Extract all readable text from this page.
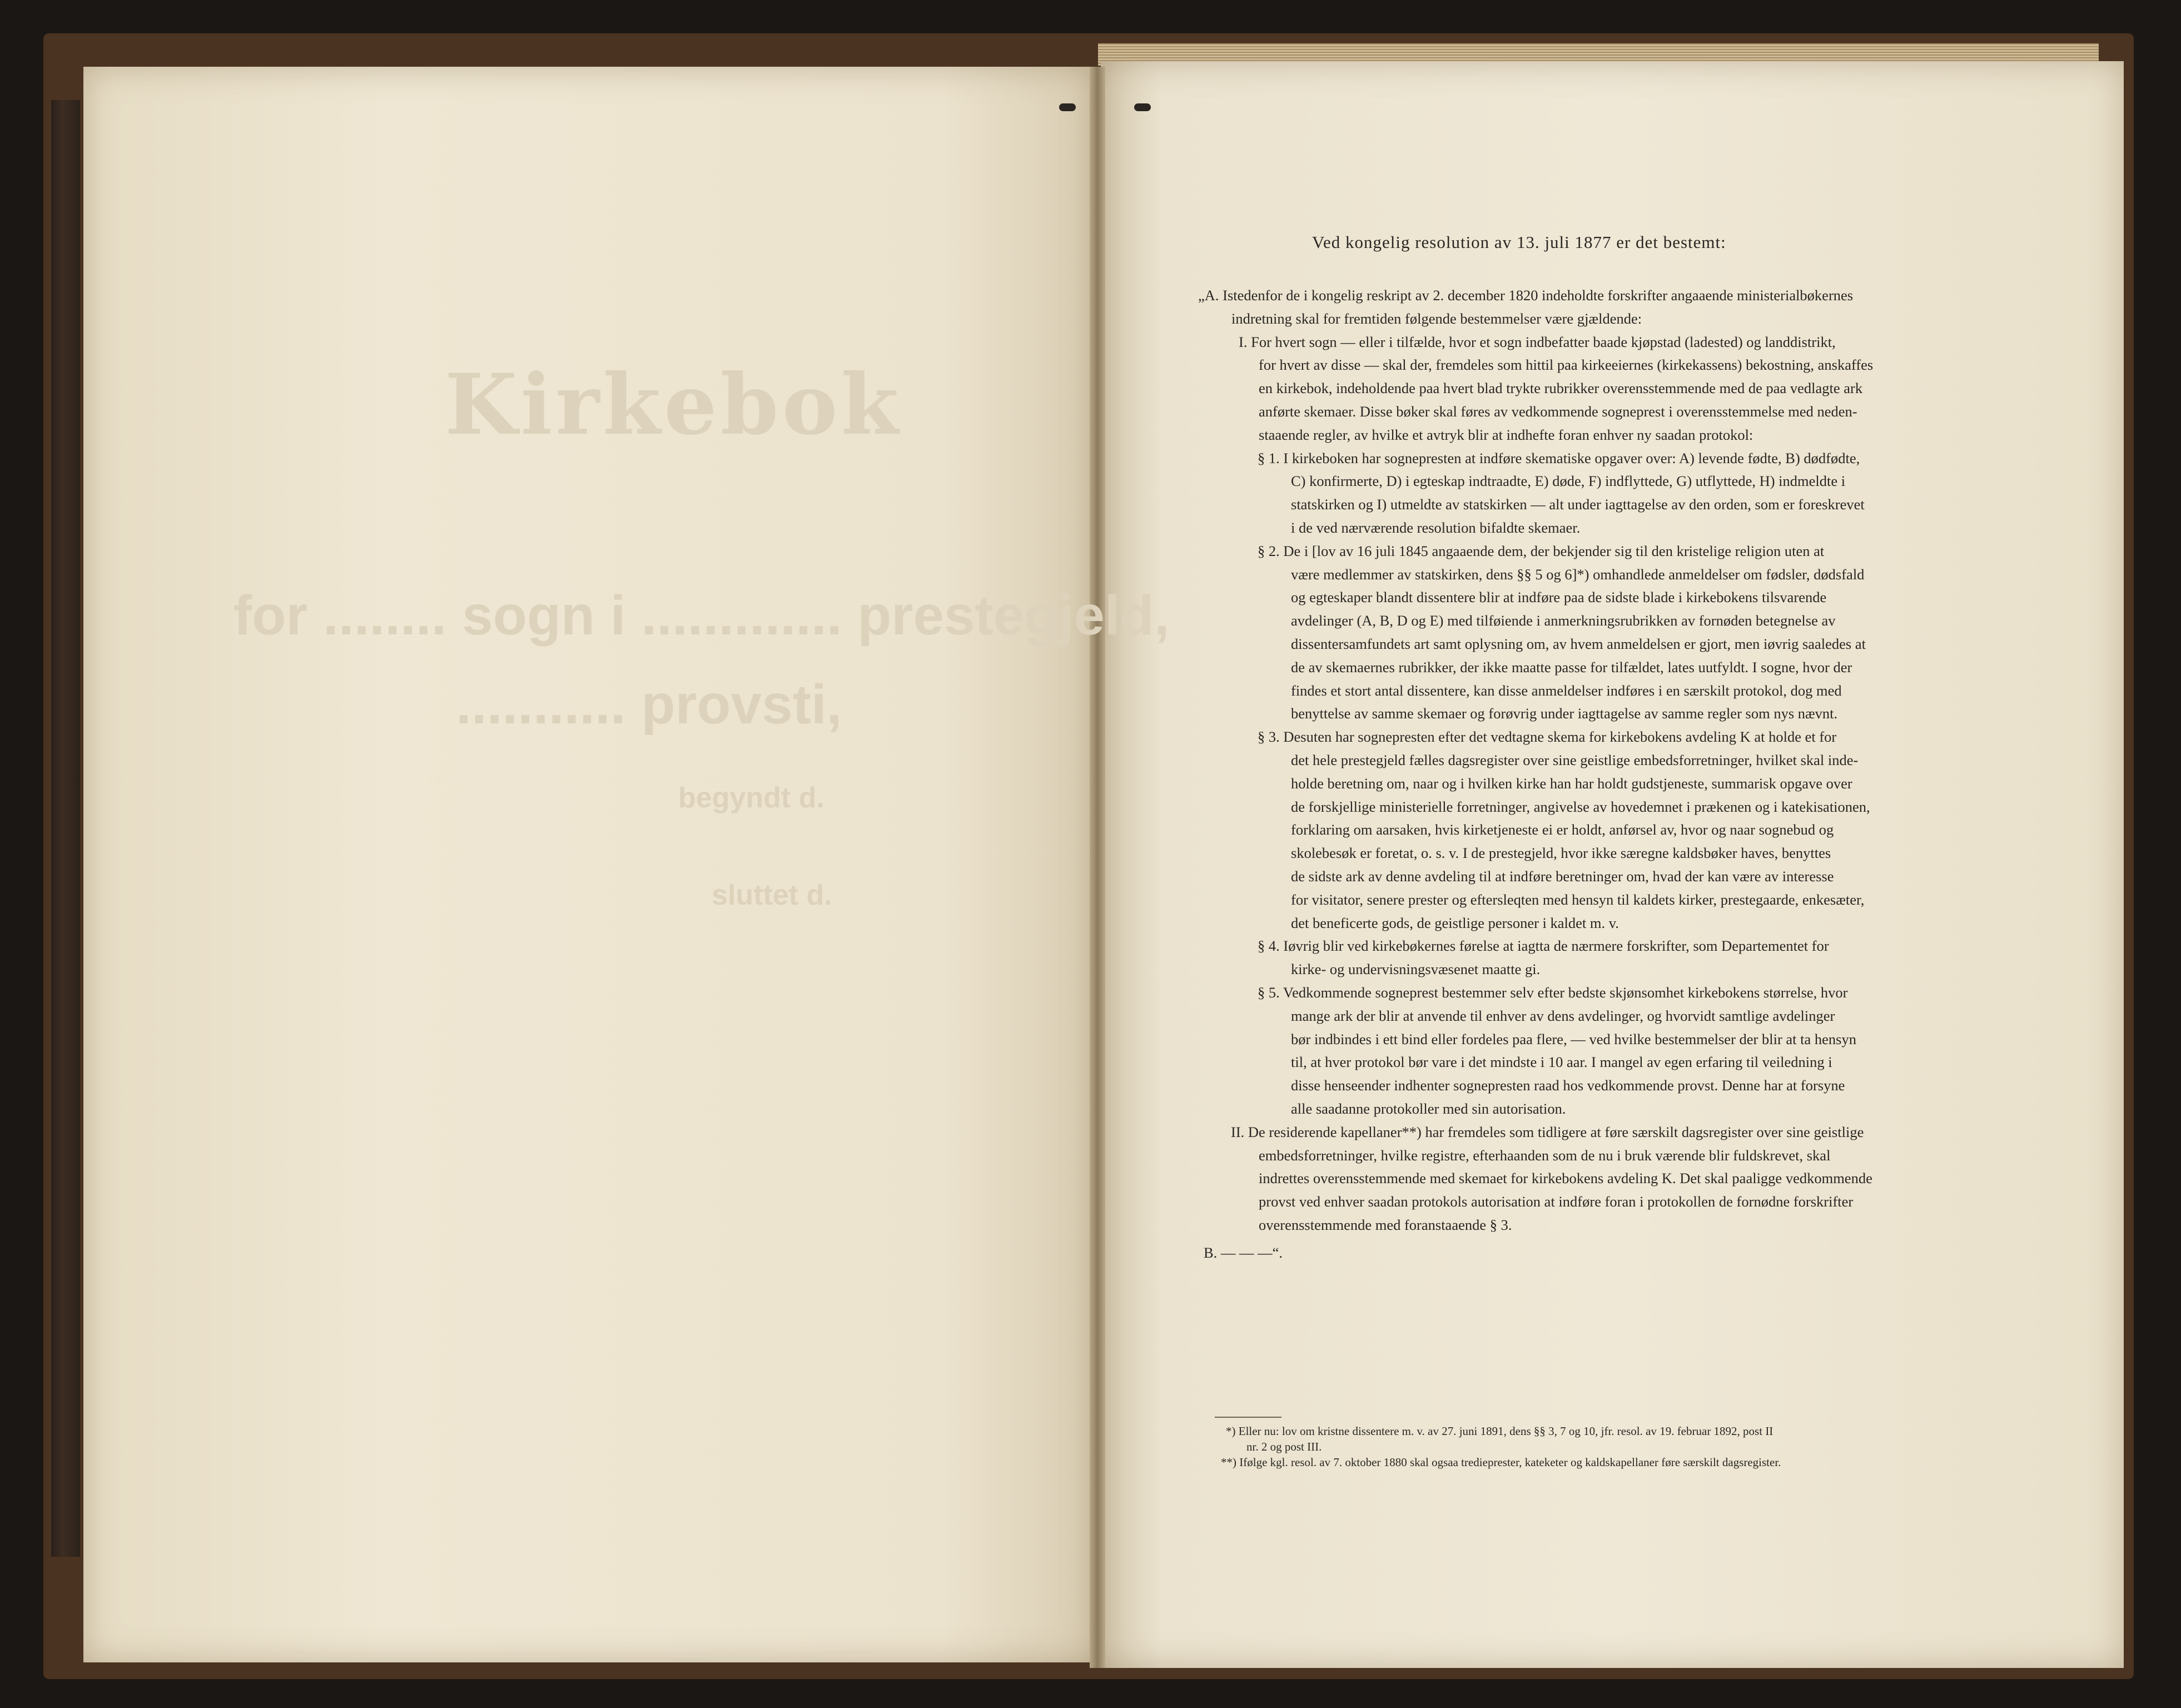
Kirkebok
for ........ sogn i ............. prestegjeld,
........... provsti,
begyndt d.
sluttet d.
Ved kongelig resolution av 13. juli 1877 er det bestemt:
„A. Istedenfor de i kongelig reskript av 2. december 1820 indeholdte forskrifter angaaende ministerialbøkernes
indretning skal for fremtiden følgende bestemmelser være gjældende:
I. For hvert sogn — eller i tilfælde, hvor et sogn indbefatter baade kjøpstad (ladested) og landdistrikt,
for hvert av disse — skal der, fremdeles som hittil paa kirkeeiernes (kirkekassens) bekostning, anskaffes
en kirkebok, indeholdende paa hvert blad trykte rubrikker overensstemmende med de paa vedlagte ark
anførte skemaer. Disse bøker skal føres av vedkommende sogneprest i overensstemmelse med neden-
staaende regler, av hvilke et avtryk blir at indhefte foran enhver ny saadan protokol:
§ 1. I kirkeboken har sognepresten at indføre skematiske opgaver over: A) levende fødte, B) dødfødte,
C) konfirmerte, D) i egteskap indtraadte, E) døde, F) indflyttede, G) utflyttede, H) indmeldte i
statskirken og I) utmeldte av statskirken — alt under iagttagelse av den orden, som er foreskrevet
i de ved nærværende resolution bifaldte skemaer.
§ 2. De i [lov av 16 juli 1845 angaaende dem, der bekjender sig til den kristelige religion uten at
være medlemmer av statskirken, dens §§ 5 og 6]*) omhandlede anmeldelser om fødsler, dødsfald
og egteskaper blandt dissentere blir at indføre paa de sidste blade i kirkebokens tilsvarende
avdelinger (A, B, D og E) med tilføiende i anmerkningsrubrikken av fornøden betegnelse av
dissentersamfundets art samt oplysning om, av hvem anmeldelsen er gjort, men iøvrig saaledes at
de av skemaernes rubrikker, der ikke maatte passe for tilfældet, lates uutfyldt. I sogne, hvor der
findes et stort antal dissentere, kan disse anmeldelser indføres i en særskilt protokol, dog med
benyttelse av samme skemaer og forøvrig under iagttagelse av samme regler som nys nævnt.
§ 3. Desuten har sognepresten efter det vedtagne skema for kirkebokens avdeling K at holde et for
det hele prestegjeld fælles dagsregister over sine geistlige embedsforretninger, hvilket skal inde-
holde beretning om, naar og i hvilken kirke han har holdt gudstjeneste, summarisk opgave over
de forskjellige ministerielle forretninger, angivelse av hovedemnet i prækenen og i katekisationen,
forklaring om aarsaken, hvis kirketjeneste ei er holdt, anførsel av, hvor og naar sognebud og
skolebesøk er foretat, o. s. v. I de prestegjeld, hvor ikke særegne kaldsbøker haves, benyttes
de sidste ark av denne avdeling til at indføre beretninger om, hvad der kan være av interesse
for visitator, senere prester og eftersleqten med hensyn til kaldets kirker, prestegaarde, enkesæter,
det beneficerte gods, de geistlige personer i kaldet m. v.
§ 4. Iøvrig blir ved kirkebøkernes førelse at iagtta de nærmere forskrifter, som Departementet for
kirke- og undervisningsvæsenet maatte gi.
§ 5. Vedkommende sogneprest bestemmer selv efter bedste skjønsomhet kirkebokens størrelse, hvor
mange ark der blir at anvende til enhver av dens avdelinger, og hvorvidt samtlige avdelinger
bør indbindes i ett bind eller fordeles paa flere, — ved hvilke bestemmelser der blir at ta hensyn
til, at hver protokol bør vare i det mindste i 10 aar. I mangel av egen erfaring til veiledning i
disse henseender indhenter sognepresten raad hos vedkommende provst. Denne har at forsyne
alle saadanne protokoller med sin autorisation.
II. De residerende kapellaner**) har fremdeles som tidligere at føre særskilt dagsregister over sine geistlige
embedsforretninger, hvilke registre, efterhaanden som de nu i bruk værende blir fuldskrevet, skal
indrettes overensstemmende med skemaet for kirkebokens avdeling K. Det skal paaligge vedkommende
provst ved enhver saadan protokols autorisation at indføre foran i protokollen de fornødne forskrifter
overensstemmende med foranstaaende § 3.
B. — — —“.
*) Eller nu: lov om kristne dissentere m. v. av 27. juni 1891, dens §§ 3, 7 og 10, jfr. resol. av 19. februar 1892, post II
nr. 2 og post III.
**) Ifølge kgl. resol. av 7. oktober 1880 skal ogsaa tredieprester, kateketer og kaldskapellaner føre særskilt dagsregister.
